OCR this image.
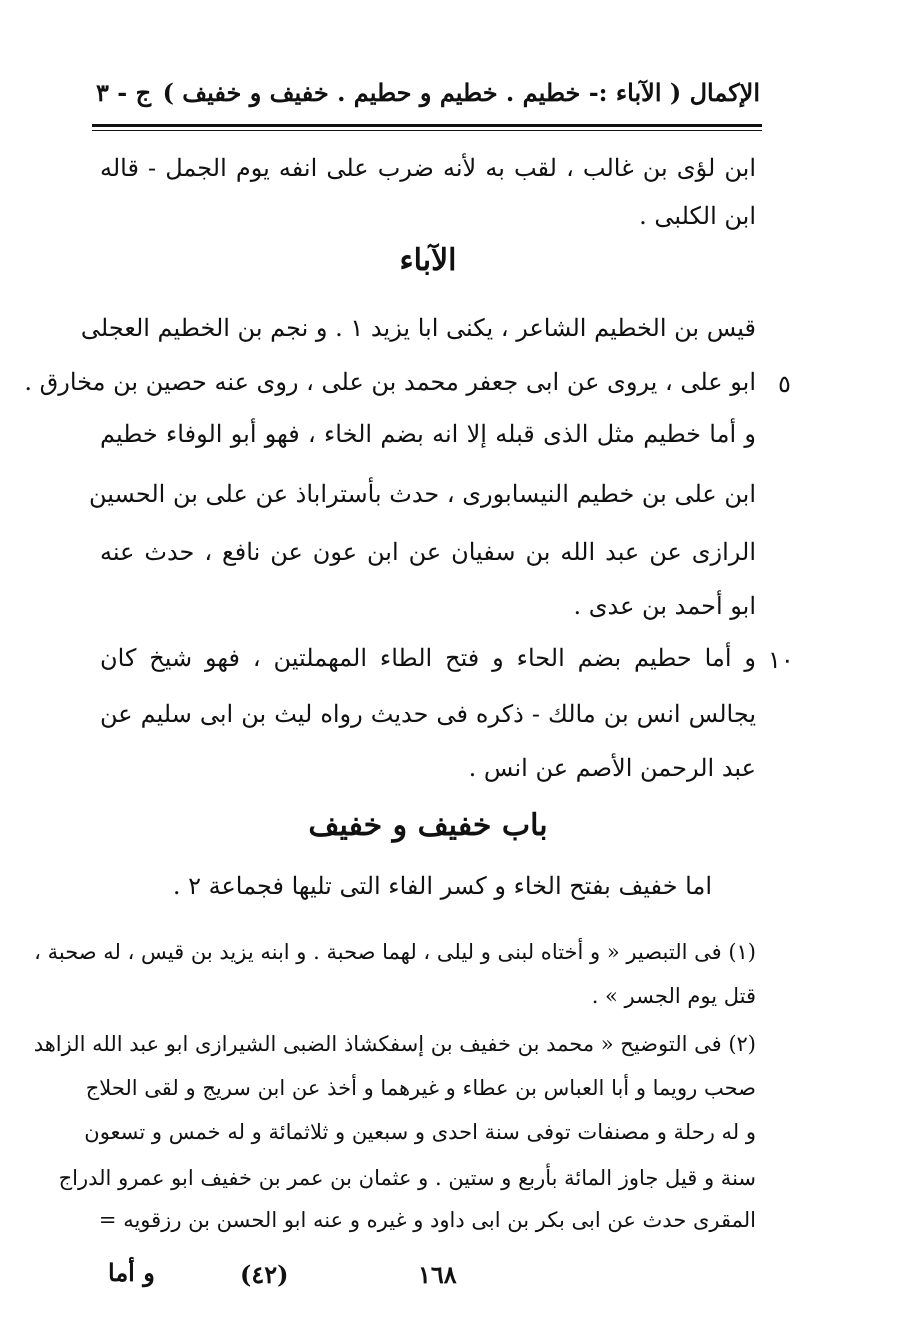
الإكمال ( الآباء :- خطيم . خطيم و حطيم . خفيف و خفيف )
ج - ٣
ابن لؤى بن غالب ، لقب به لأنه ضرب على انفه يوم الجمل - قاله
ابن الكلبى .
الآباء
قيس بن الخطيم الشاعر ، يكنى ابا يزيد ١ . و نجم بن الخطيم العجلى
ابو على ، يروى عن ابى جعفر محمد بن على ، روى عنه حصين بن مخارق .
و أما خطيم مثل الذى قبله إلا انه بضم الخاء ، فهو أبو الوفاء خطيم
ابن على بن خطيم النيسابورى ، حدث بأستراباذ عن على بن الحسين
الرازى عن عبد الله بن سفيان عن ابن عون عن نافع ، حدث عنه
ابو أحمد بن عدى .
و أما حطيم بضم الحاء و فتح الطاء المهملتين ، فهو شيخ كان
يجالس انس بن مالك - ذكره فى حديث رواه ليث بن ابى سليم عن
عبد الرحمن الأصم عن انس .
باب خفيف و خفيف
اما خفيف بفتح الخاء و كسر الفاء التى تليها فجماعة ٢ .
٥
١٠
(١) فى التبصير « و أختاه لبنى و ليلى ، لهما صحبة . و ابنه يزيد بن قيس ، له صحبة ،
قتل يوم الجسر » .
(٢) فى التوضيح « محمد بن خفيف بن إسفكشاذ الضبى الشيرازى ابو عبد الله الزاهد
صحب رويما و أبا العباس بن عطاء و غيرهما و أخذ عن ابن سريج و لقى الحلاج
و له رحلة و مصنفات توفى سنة احدى و سبعين و ثلاثمائة و له خمس و تسعون
سنة و قيل جاوز المائة بأربع و ستين . و عثمان بن عمر بن خفيف ابو عمرو الدراج
المقرى حدث عن ابى بكر بن ابى داود و غيره و عنه ابو الحسن بن رزقويه =
و أما	(٤٢)	١٦٨
